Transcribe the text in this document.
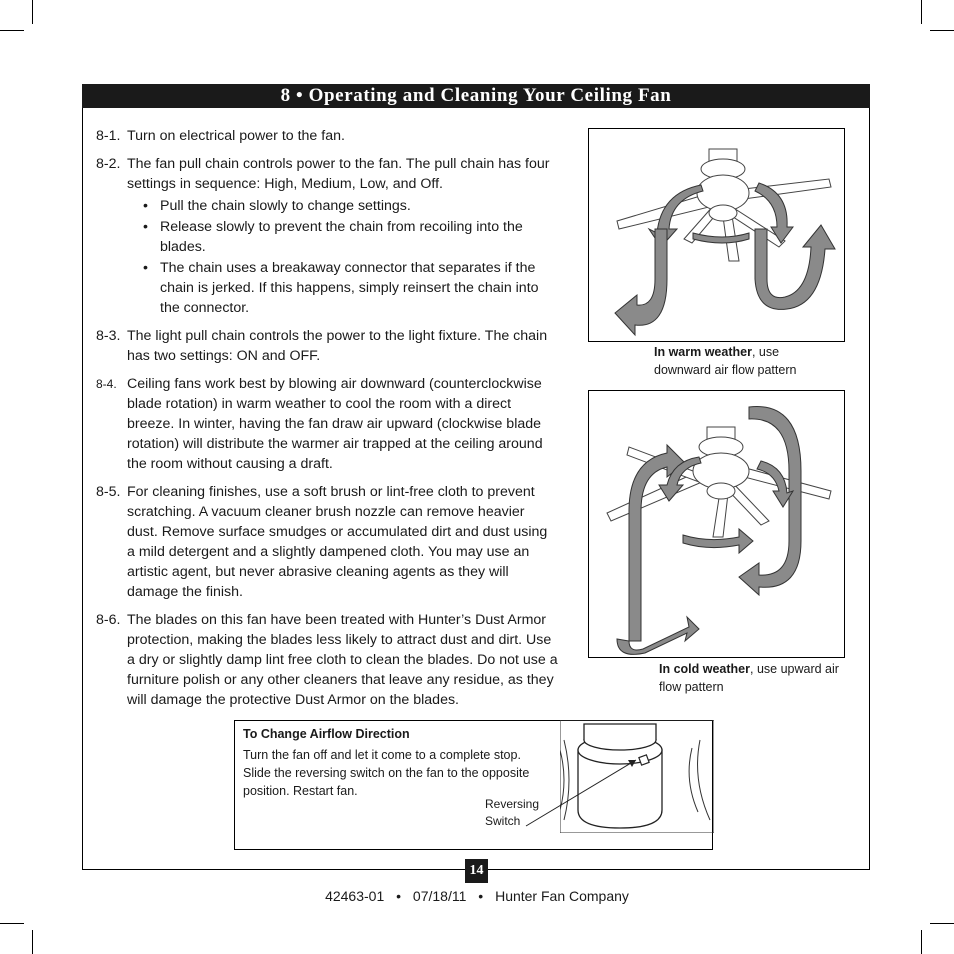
8 • Operating and Cleaning Your Ceiling Fan
8-1. Turn on electrical power to the fan.
8-2. The fan pull chain controls power to the fan. The pull chain has four settings in sequence: High, Medium, Low, and Off.
• Pull the chain slowly to change settings.
• Release slowly to prevent the chain from recoiling into the blades.
• The chain uses a breakaway connector that separates if the chain is jerked. If this happens, simply reinsert the chain into the connector.
8-3. The light pull chain controls the power to the light fixture. The chain has two settings: ON and OFF.
8-4. Ceiling fans work best by blowing air downward (counterclockwise blade rotation) in warm weather to cool the room with a direct breeze. In winter, having the fan draw air upward (clockwise blade rotation) will distribute the warmer air trapped at the ceiling around the room without causing a draft.
8-5. For cleaning finishes, use a soft brush or lint-free cloth to prevent scratching. A vacuum cleaner brush nozzle can remove heavier dust. Remove surface smudges or accumulated dirt and dust using a mild detergent and a slightly dampened cloth. You may use an artistic agent, but never abrasive cleaning agents as they will damage the finish.
8-6. The blades on this fan have been treated with Hunter’s Dust Armor protection, making the blades less likely to attract dust and dirt. Use a dry or slightly damp lint free cloth to clean the blades. Do not use a furniture polish or any other cleaners that leave any residue, as they will damage the protective Dust Armor on the blades.
In warm weather, use downward air flow pattern
In cold weather, use upward air flow pattern
To Change Airflow Direction
Turn the fan off and let it come to a complete stop. Slide the reversing switch on the fan to the opposite position. Restart fan.
Reversing Switch
14
42463-01 • 07/18/11 • Hunter Fan Company
